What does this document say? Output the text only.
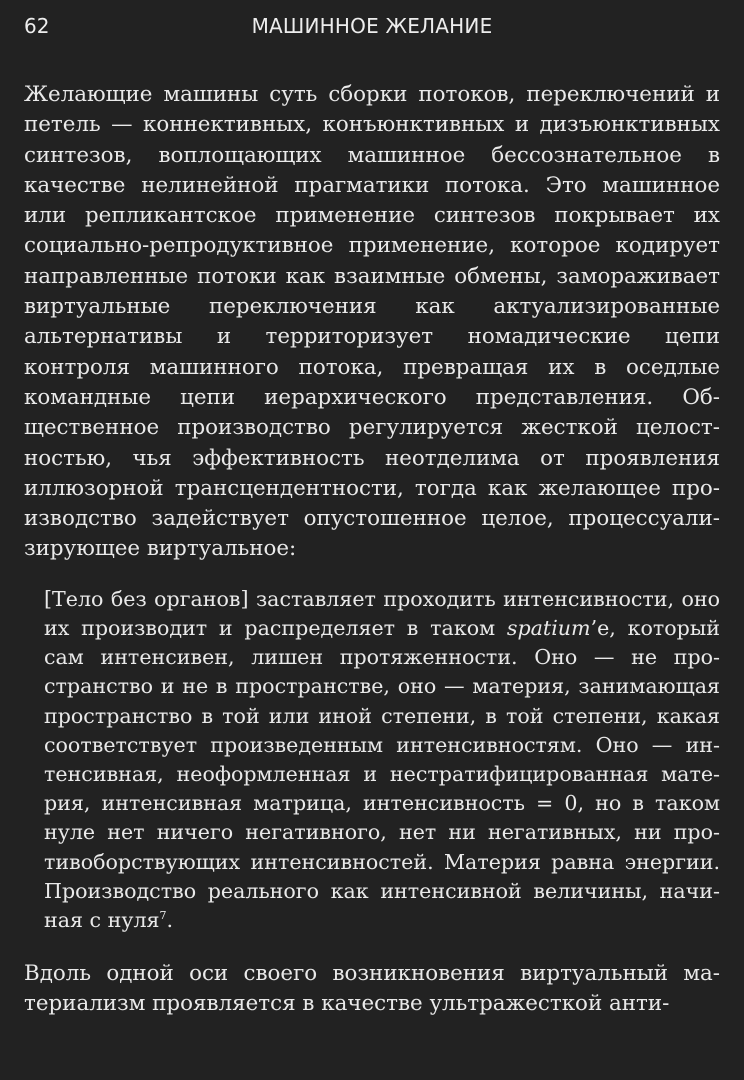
62	МАШИННОЕ ЖЕЛАНИЕ

Желающие машины суть сборки потоков, переключений и петель — коннективных, конъюнктивных и дизъюнктивных синтезов, воплощающих машинное бессознательное в качестве нелинейной прагматики потока. Это машинное или репликантское применение синтезов покрывает их социально-репродуктивное применение, которое кодирует направленные потоки как взаимные обмены, замораживает виртуальные переключения как актуализированные альтернативы и территоризует номадические цепи контроля машинного потока, превращая их в оседлые командные цепи иерархического представления. Общественное производство регулируется жесткой целостностью, чья эффективность неотделима от проявления иллюзорной трансцендентности, тогда как желающее производство задействует опустошенное целое, процессуализирующее виртуальное:

[Тело без органов] заставляет проходить интенсивности, оно их производит и распределяет в таком spatium’е, который сам интенсивен, лишен протяженности. Оно — не пространство и не в пространстве, оно — материя, занимающая пространство в той или иной степени, в той степени, какая соответствует произведенным интенсивностям. Оно — интенсивная, неоформленная и нестратифицированная материя, интенсивная матрица, интенсивность = 0, но в таком нуле нет ничего негативного, нет ни негативных, ни противоборствующих интенсивностей. Материя равна энергии. Производство реального как интенсивной величины, начиная с нуля$^7$.

Вдоль одной оси своего возникновения виртуальный материализм проявляется в качестве ультражесткой анти-
